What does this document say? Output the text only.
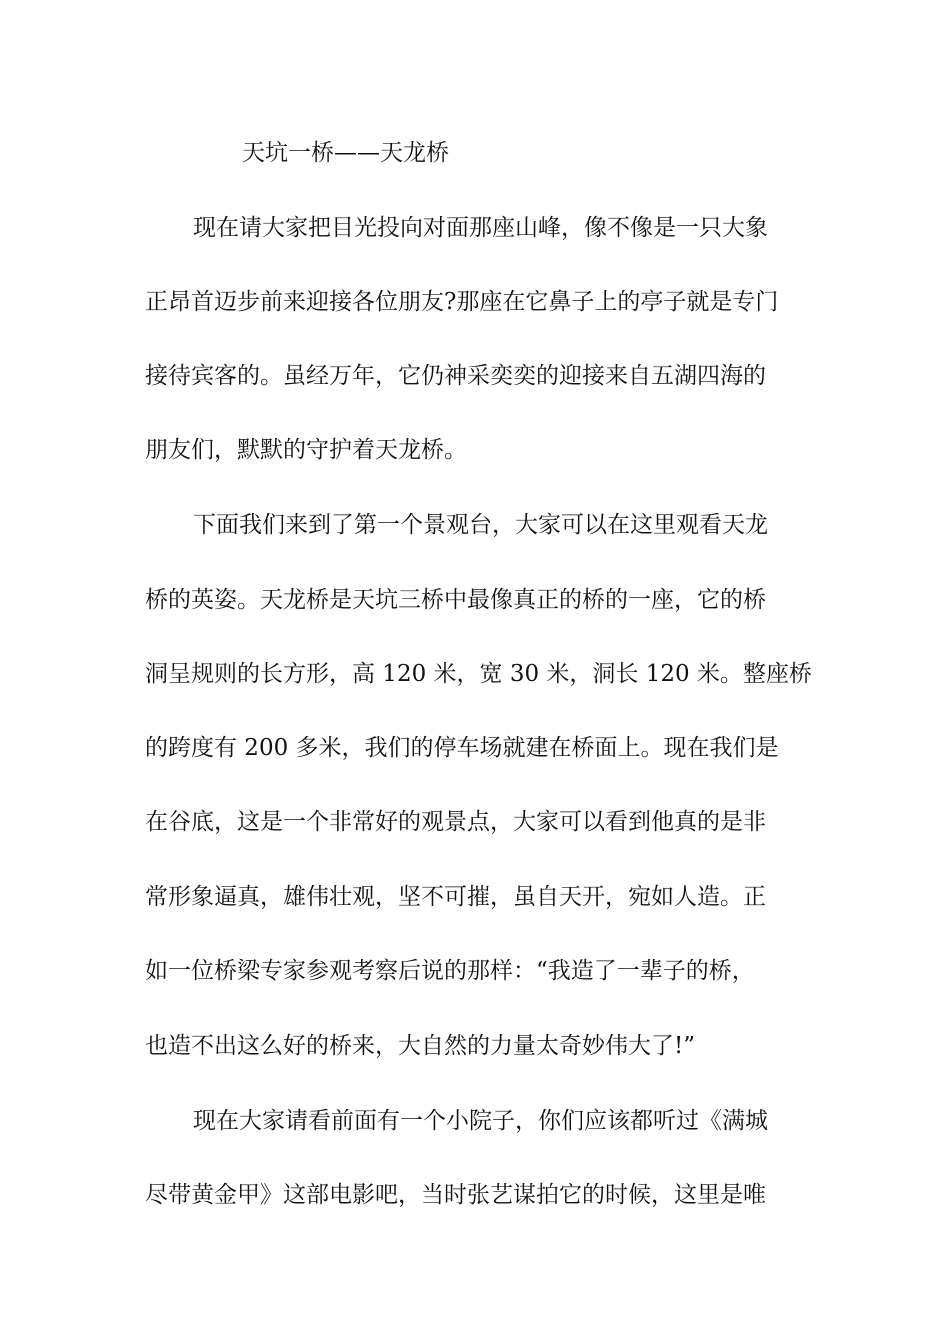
天坑一桥——天龙桥
现在请大家把目光投向对面那座山峰，像不像是一只大象
正昂首迈步前来迎接各位朋友?那座在它鼻子上的亭子就是专门
接待宾客的。虽经万年，它仍神采奕奕的迎接来自五湖四海的
朋友们，默默的守护着天龙桥。
下面我们来到了第一个景观台，大家可以在这里观看天龙
桥的英姿。天龙桥是天坑三桥中最像真正的桥的一座，它的桥
洞呈规则的长方形，高 120 米，宽 30 米，洞长 120 米。整座桥
的跨度有 200 多米，我们的停车场就建在桥面上。现在我们是
在谷底，这是一个非常好的观景点，大家可以看到他真的是非
常形象逼真，雄伟壮观，坚不可摧，虽自天开，宛如人造。正
如一位桥梁专家参观考察后说的那样：“我造了一辈子的桥，
也造不出这么好的桥来，大自然的力量太奇妙伟大了!”
现在大家请看前面有一个小院子，你们应该都听过《满城
尽带黄金甲》这部电影吧，当时张艺谋拍它的时候，这里是唯
